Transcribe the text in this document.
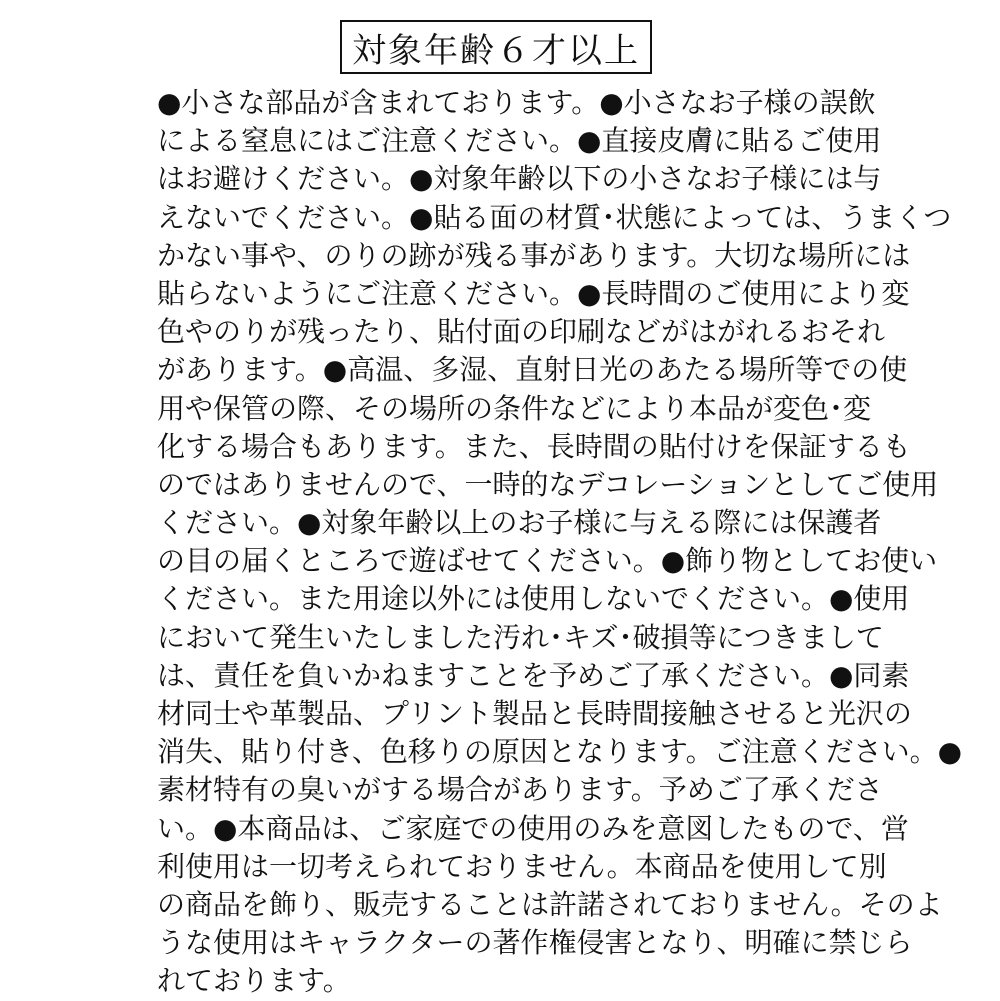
対象年齢６才以上
●小さな部品が含まれております。●小さなお子様の誤飲
による窒息にはご注意ください。●直接皮膚に貼るご使用
はお避けください。●対象年齢以下の小さなお子様には与
えないでください。●貼る面の材質･状態によっては、うまくつ
かない事や、のりの跡が残る事があります。大切な場所には
貼らないようにご注意ください。●長時間のご使用により変
色やのりが残ったり、貼付面の印刷などがはがれるおそれ
があります。●高温、多湿、直射日光のあたる場所等での使
用や保管の際、その場所の条件などにより本品が変色･変
化する場合もあります。また、長時間の貼付けを保証するも
のではありませんので、一時的なデコレーションとしてご使用
ください。●対象年齢以上のお子様に与える際には保護者
の目の届くところで遊ばせてください。●飾り物としてお使い
ください。また用途以外には使用しないでください。●使用
において発生いたしました汚れ･キズ･破損等につきまして
は、責任を負いかねますことを予めご了承ください。●同素
材同士や革製品、プリント製品と長時間接触させると光沢の
消失、貼り付き、色移りの原因となります。ご注意ください。●
素材特有の臭いがする場合があります。予めご了承くださ
い。●本商品は、ご家庭での使用のみを意図したもので、営
利使用は一切考えられておりません。本商品を使用して別
の商品を飾り、販売することは許諾されておりません。そのよ
うな使用はキャラクターの著作権侵害となり、明確に禁じら
れております。
